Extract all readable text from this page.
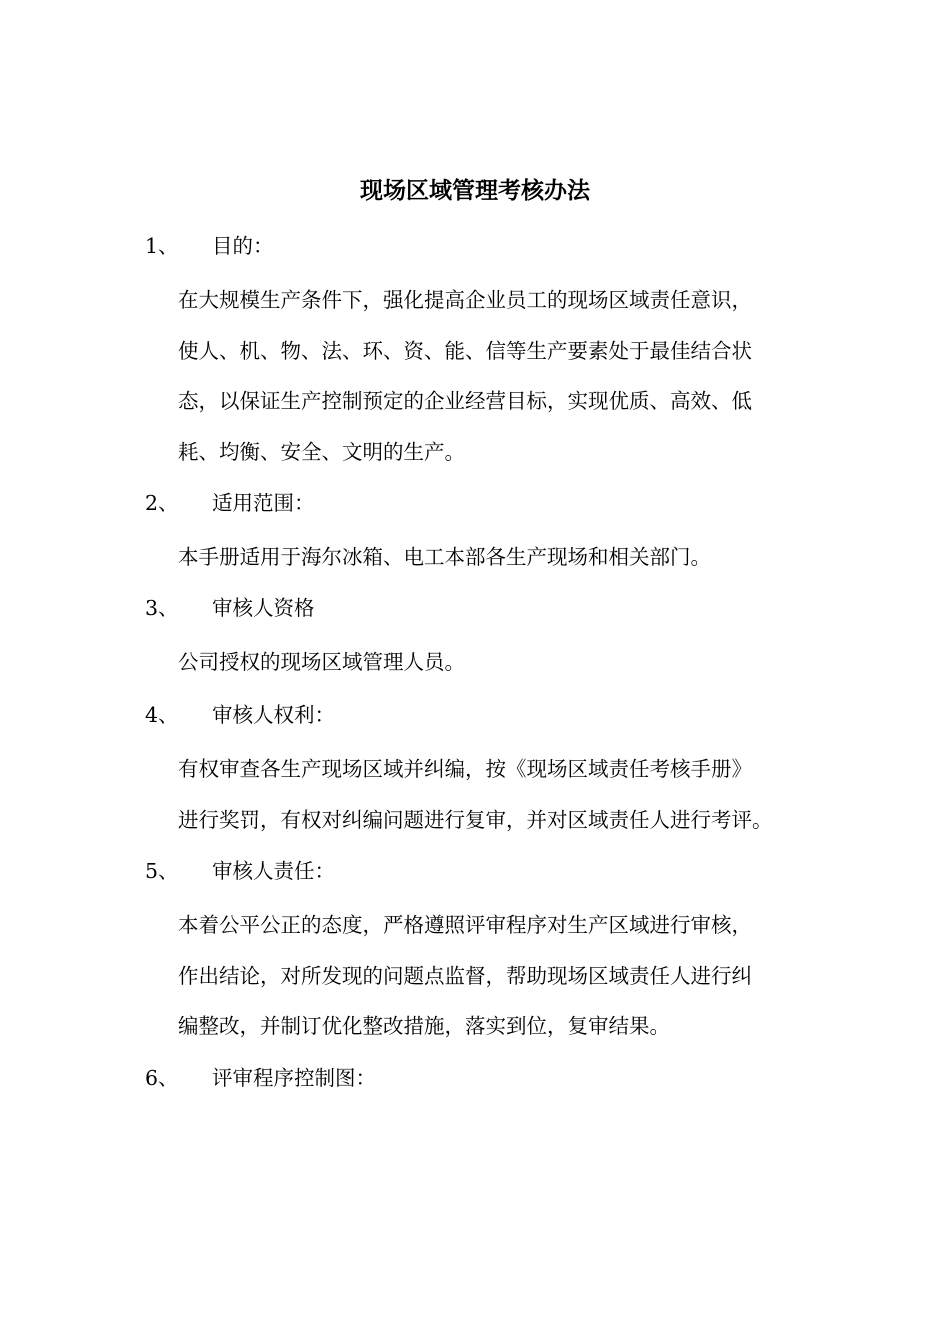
现场区域管理考核办法
1、 目的：
在大规模生产条件下，强化提高企业员工的现场区域责任意识，
使人、机、物、法、环、资、能、信等生产要素处于最佳结合状
态，以保证生产控制预定的企业经营目标，实现优质、高效、低
耗、均衡、安全、文明的生产。
2、 适用范围：
本手册适用于海尔冰箱、电工本部各生产现场和相关部门。
3、 审核人资格
公司授权的现场区域管理人员。
4、 审核人权利：
有权审查各生产现场区域并纠编，按《现场区域责任考核手册》
进行奖罚，有权对纠编问题进行复审，并对区域责任人进行考评。
5、 审核人责任：
本着公平公正的态度，严格遵照评审程序对生产区域进行审核，
作出结论，对所发现的问题点监督，帮助现场区域责任人进行纠
编整改，并制订优化整改措施，落实到位，复审结果。
6、 评审程序控制图：
